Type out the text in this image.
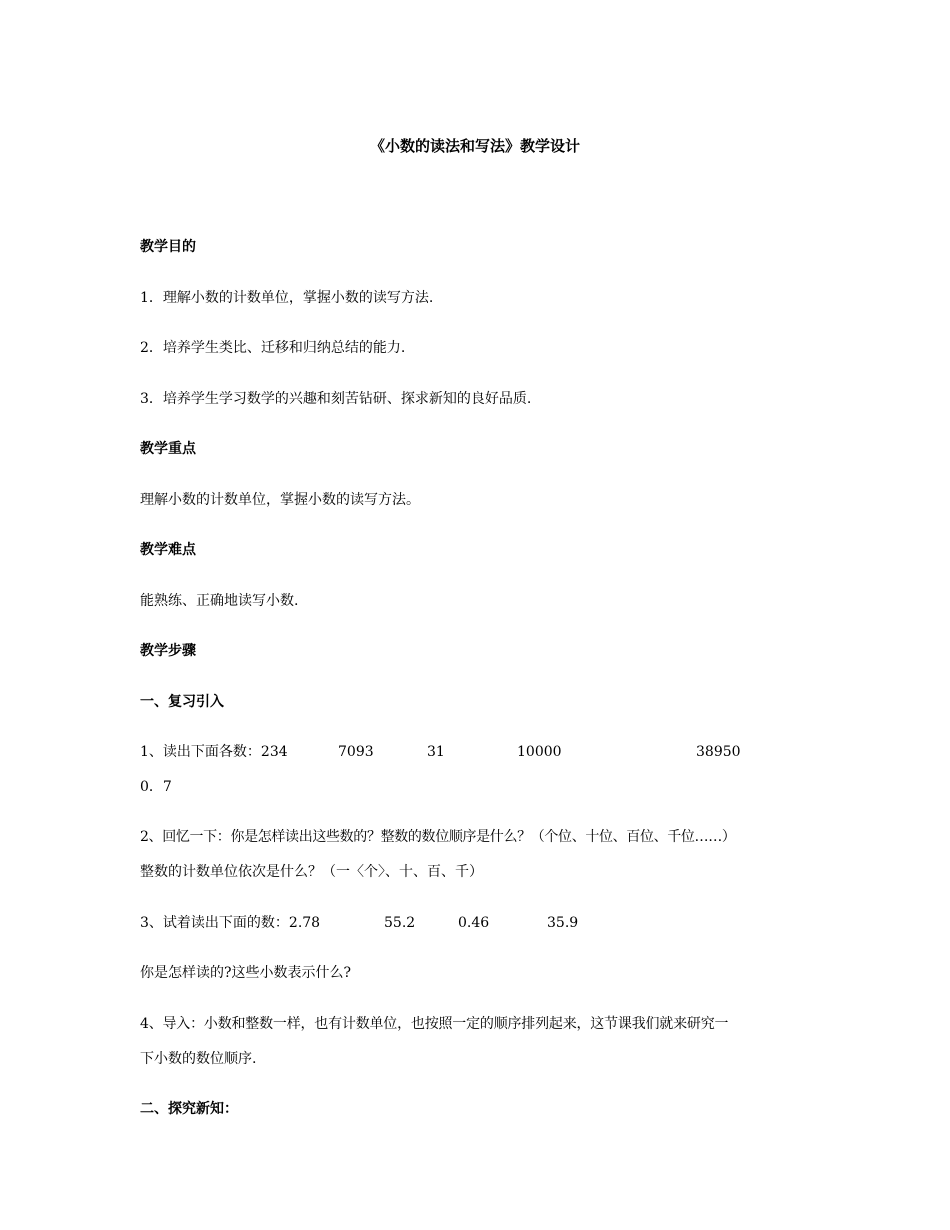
《小数的读法和写法》教学设计
教学目的
1．理解小数的计数单位，掌握小数的读写方法.
2．培养学生类比、迁移和归纳总结的能力.
3．培养学生学习数学的兴趣和刻苦钻研、探求新知的良好品质.
教学重点
理解小数的计数单位，掌握小数的读写方法。
教学难点
能熟练、正确地读写小数.
教学步骤
一、复习引入
1、读出下面各数：234	7093	31	10000	38950
0．7
2、回忆一下：你是怎样读出这些数的？整数的数位顺序是什么？（个位、十位、百位、千位……）
整数的计数单位依次是什么？（一〈个〉、十、百、千）
3、试着读出下面的数：2.78	55.2	0.46	35.9
你是怎样读的?这些小数表示什么?
4、导入：小数和整数一样，也有计数单位，也按照一定的顺序排列起来，这节课我们就来研究一
下小数的数位顺序.
二、探究新知：
